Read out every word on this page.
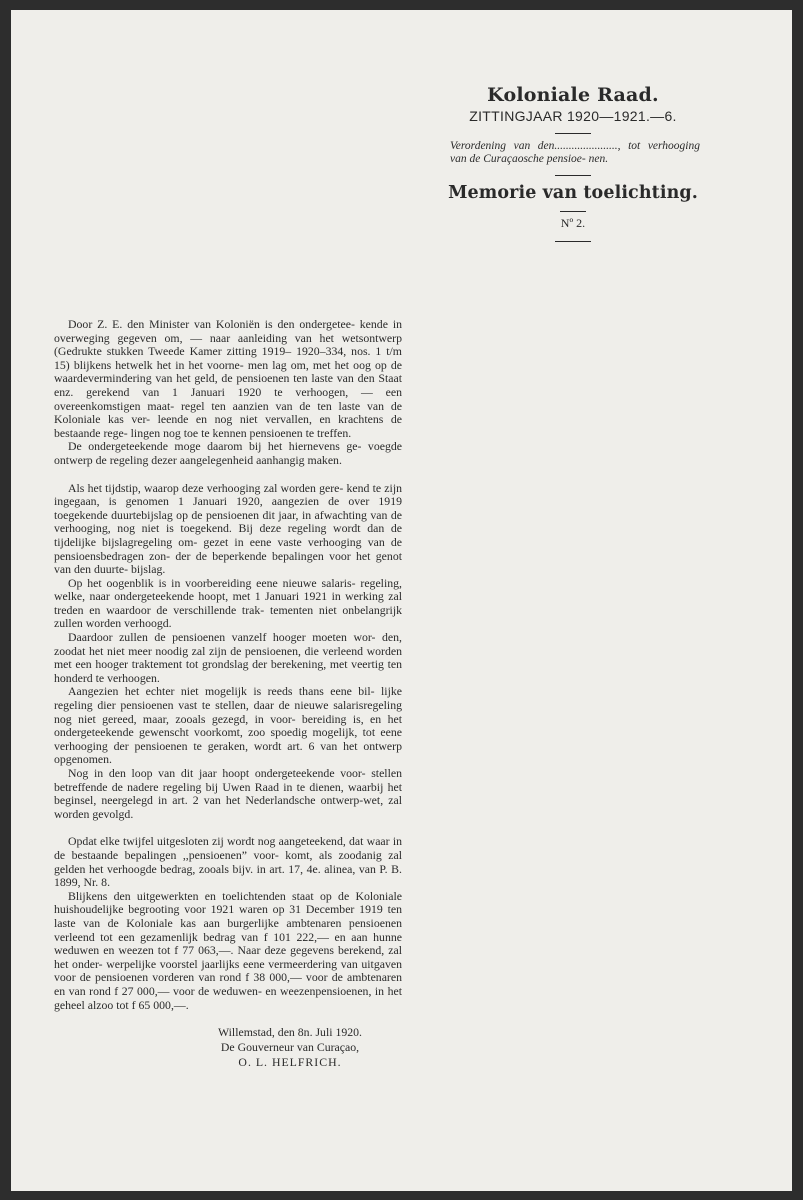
Koloniale Raad.
ZITTINGJAAR 1920—1921.—6.
Verordening van den......................, tot verhooging van de Curaçaosche pensioe- nen.
Memorie van toelichting.
Nº 2.

Door Z. E. den Minister van Koloniën is den ondergetee- kende in overweging gegeven om, — naar aanleiding van het wetsontwerp (Gedrukte stukken Tweede Kamer zitting 1919– 1920–334, nos. 1 t/m 15) blijkens hetwelk het in het voorne- men lag om, met het oog op de waardevermindering van het geld, de pensioenen ten laste van den Staat enz. gerekend van 1 Januari 1920 te verhoogen, — een overeenkomstigen maat- regel ten aanzien van de ten laste van de Koloniale kas ver- leende en nog niet vervallen, en krachtens de bestaande rege- lingen nog toe te kennen pensioenen te treffen.

De ondergeteekende moge daarom bij het hiernevens ge- voegde ontwerp de regeling dezer aangelegenheid aanhangig maken.

Als het tijdstip, waarop deze verhooging zal worden gere- kend te zijn ingegaan, is genomen 1 Januari 1920, aangezien de over 1919 toegekende duurtebijslag op de pensioenen dit jaar, in afwachting van de verhooging, nog niet is toegekend. Bij deze regeling wordt dan de tijdelijke bijslagregeling om- gezet in eene vaste verhooging van de pensioensbedragen zon- der de beperkende bepalingen voor het genot van den duurte- bijslag.

Op het oogenblik is in voorbereiding eene nieuwe salaris- regeling, welke, naar ondergeteekende hoopt, met 1 Januari 1921 in werking zal treden en waardoor de verschillende trak- tementen niet onbelangrijk zullen worden verhoogd.

Daardoor zullen de pensioenen vanzelf hooger moeten wor- den, zoodat het niet meer noodig zal zijn de pensioenen, die verleend worden met een hooger traktement tot grondslag der berekening, met veertig ten honderd te verhoogen.

Aangezien het echter niet mogelijk is reeds thans eene bil- lijke regeling dier pensioenen vast te stellen, daar de nieuwe salarisregeling nog niet gereed, maar, zooals gezegd, in voor- bereiding is, en het ondergeteekende gewenscht voorkomt, zoo spoedig mogelijk, tot eene verhooging der pensioenen te geraken, wordt art. 6 van het ontwerp opgenomen.

Nog in den loop van dit jaar hoopt ondergeteekende voor- stellen betreffende de nadere regeling bij Uwen Raad in te dienen, waarbij het beginsel, neergelegd in art. 2 van het Nederlandsche ontwerp-wet, zal worden gevolgd.

Opdat elke twijfel uitgesloten zij wordt nog aangeteekend, dat waar in de bestaande bepalingen ,,pensioenen” voor- komt, als zoodanig zal gelden het verhoogde bedrag, zooals bijv. in art. 17, 4e. alinea, van P. B. 1899, Nr. 8.

Blijkens den uitgewerkten en toelichtenden staat op de Koloniale huishoudelijke begrooting voor 1921 waren op 31 December 1919 ten laste van de Koloniale kas aan burgerlijke ambtenaren pensioenen verleend tot een gezamenlijk bedrag van f 101 222,— en aan hunne weduwen en weezen tot f 77 063,—. Naar deze gegevens berekend, zal het onder- werpelijke voorstel jaarlijks eene vermeerdering van uitgaven voor de pensioenen vorderen van rond f 38 000,— voor de ambtenaren en van rond f 27 000,— voor de weduwen- en weezenpensioenen, in het geheel alzoo tot f 65 000,—.

Willemstad, den 8n. Juli 1920.
De Gouverneur van Curaçao,
O. L. HELFRICH.
